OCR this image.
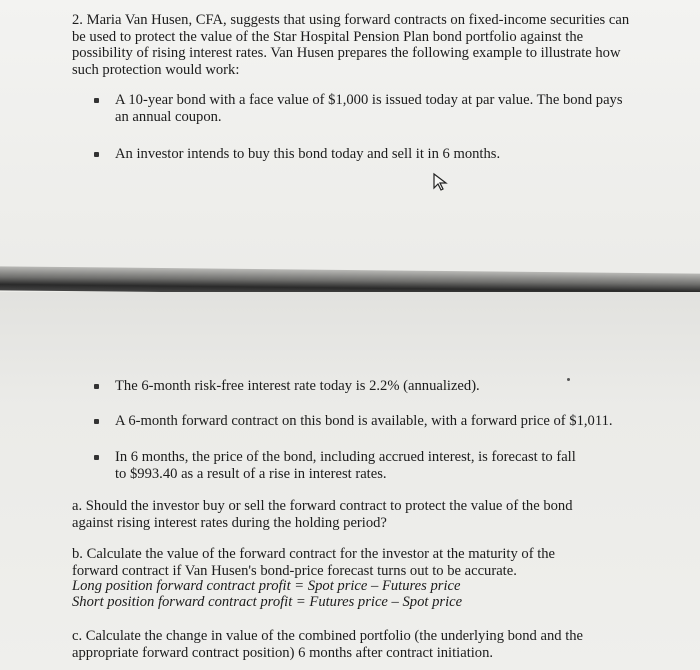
2. Maria Van Husen, CFA, suggests that using forward contracts on fixed-income securities can be used to protect the value of the Star Hospital Pension Plan bond portfolio against the possibility of rising interest rates. Van Husen prepares the following example to illustrate how such protection would work:
A 10-year bond with a face value of $1,000 is issued today at par value. The bond pays an annual coupon.
An investor intends to buy this bond today and sell it in 6 months.
The 6-month risk-free interest rate today is 2.2% (annualized).
A 6-month forward contract on this bond is available, with a forward price of $1,011.
In 6 months, the price of the bond, including accrued interest, is forecast to fall to $993.40 as a result of a rise in interest rates.
a. Should the investor buy or sell the forward contract to protect the value of the bond against rising interest rates during the holding period?
b. Calculate the value of the forward contract for the investor at the maturity of the forward contract if Van Husen's bond-price forecast turns out to be accurate.
Long position forward contract profit = Spot price – Futures price
Short position forward contract profit = Futures price – Spot price
c. Calculate the change in value of the combined portfolio (the underlying bond and the appropriate forward contract position) 6 months after contract initiation.
